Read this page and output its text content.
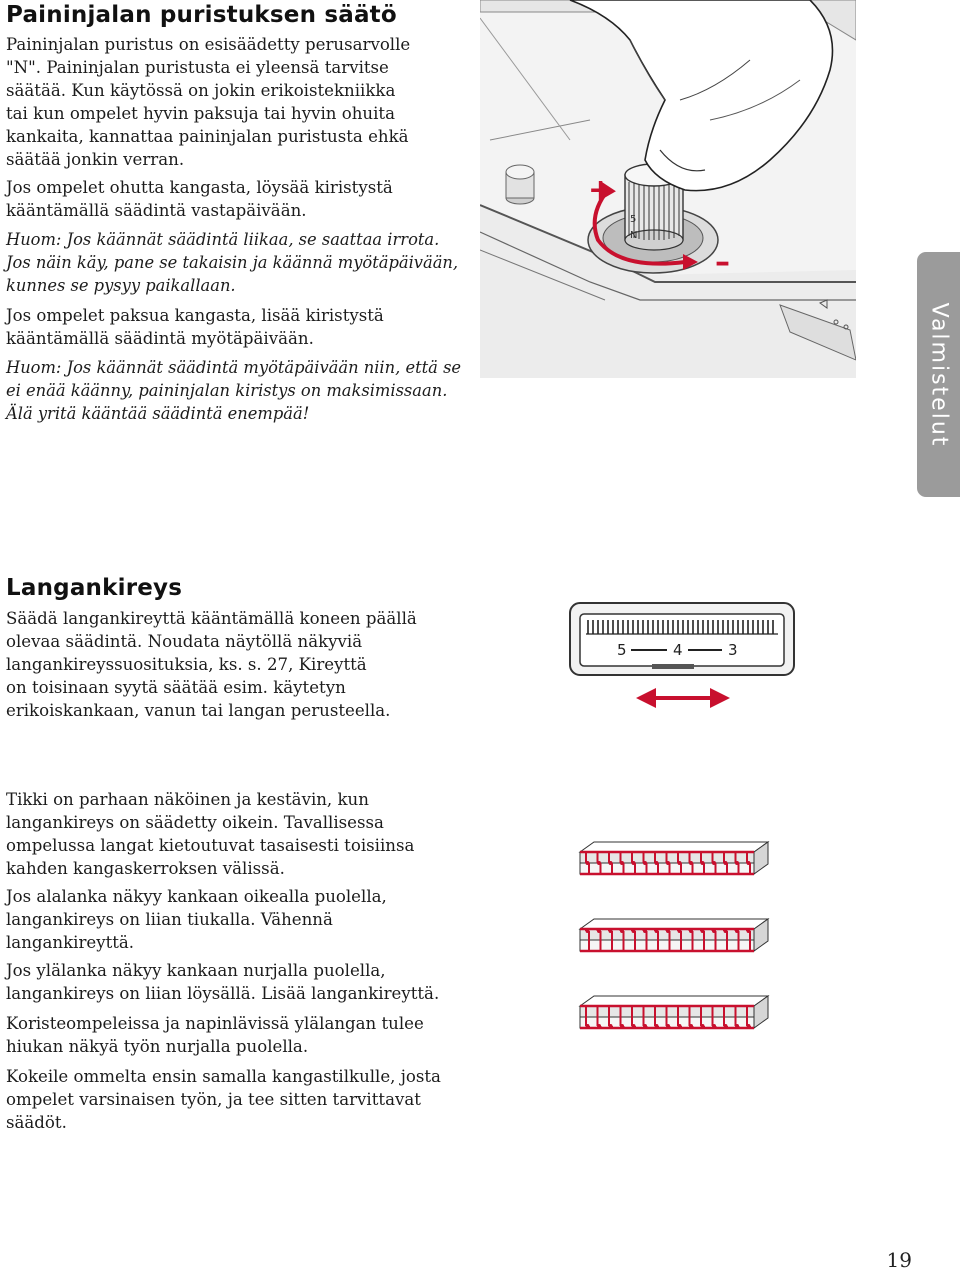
Paininjalan puristuksen säätö

Paininjalan puristus on esisäädetty perusarvolle
"N". Paininjalan puristusta ei yleensä tarvitse
säätää. Kun käytössä on jokin erikoistekniikka
tai kun ompelet hyvin paksuja tai hyvin ohuita
kankaita, kannattaa paininjalan puristusta ehkä
säätää jonkin verran.

Jos ompelet ohutta kangasta, löysää kiristystä
kääntämällä säädintä vastapäivään.

Huom: Jos käännät säädintä liikaa, se saattaa irrota.
Jos näin käy, pane se takaisin ja käännä myötäpäivään,
kunnes se pysyy paikallaan.

Jos ompelet paksua kangasta, lisää kiristystä
kääntämällä säädintä myötäpäivään.

Huom: Jos käännät säädintä myötäpäivään niin, että se
ei enää käänny, paininjalan kiristys on maksimissaan.
Älä yritä kääntää säädintä enempää!

5
N
+
–
Valmistelut
Langankireys

Säädä langankireyttä kääntämällä koneen päällä
olevaa säädintä. Noudata näytöllä näkyviä
langankireyssuosituksia, ks. s. 27, Kireyttä
on toisinaan syytä säätää esim. käytetyn
erikoiskankaan, vanun tai langan perusteella.

5	4	3

Tikki on parhaan näköinen ja kestävin, kun
langankireys on säädetty oikein. Tavallisessa
ompelussa langat kietoutuvat tasaisesti toisiinsa
kahden kangaskerroksen välissä.

Jos alalanka näkyy kankaan oikealla puolella,
langankireys on liian tiukalla. Vähennä
langankireyttä.

Jos ylälanka näkyy kankaan nurjalla puolella,
langankireys on liian löysällä. Lisää langankireyttä.

Koristeompeleissa ja napinlävissä ylälangan tulee
hiukan näkyä työn nurjalla puolella.

Kokeile ommelta ensin samalla kangastilkulle, josta
ompelet varsinaisen työn, ja tee sitten tarvittavat
säädöt.

19
